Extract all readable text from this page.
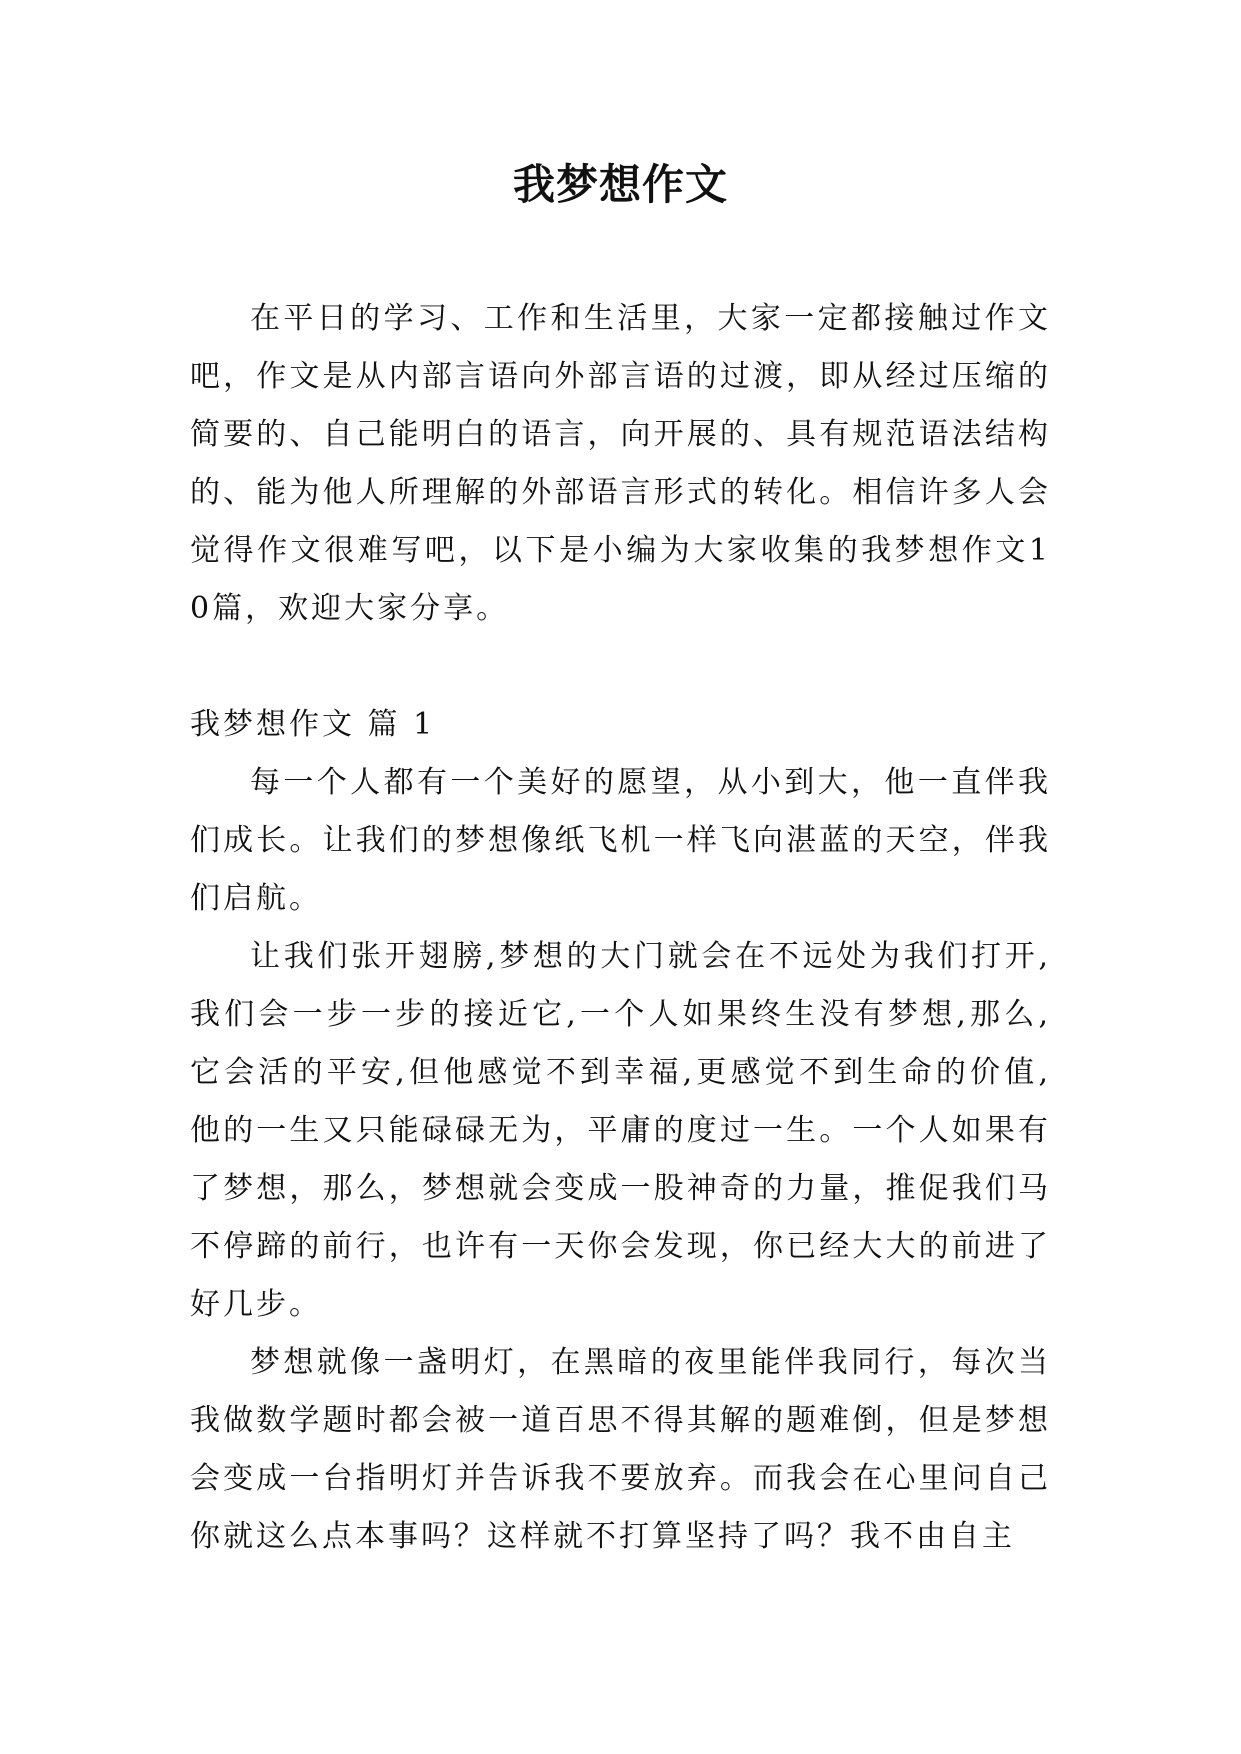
我梦想作文

在平日的学习、工作和生活里，大家一定都接触过作文吧，作文是从内部言语向外部言语的过渡，即从经过压缩的简要的、自己能明白的语言，向开展的、具有规范语法结构的、能为他人所理解的外部语言形式的转化。相信许多人会觉得作文很难写吧，以下是小编为大家收集的我梦想作文10篇，欢迎大家分享。

我梦想作文 篇 1

每一个人都有一个美好的愿望，从小到大，他一直伴我们成长。让我们的梦想像纸飞机一样飞向湛蓝的天空，伴我们启航。

让我们张开翅膀,梦想的大门就会在不远处为我们打开,我们会一步一步的接近它,一个人如果终生没有梦想,那么,它会活的平安,但他感觉不到幸福,更感觉不到生命的价值,他的一生又只能碌碌无为，平庸的度过一生。一个人如果有了梦想，那么，梦想就会变成一股神奇的力量，推促我们马不停蹄的前行，也许有一天你会发现，你已经大大的前进了好几步。

梦想就像一盏明灯，在黑暗的夜里能伴我同行，每次当我做数学题时都会被一道百思不得其解的题难倒，但是梦想会变成一台指明灯并告诉我不要放弃。而我会在心里问自己你就这么点本事吗？这样就不打算坚持了吗？我不由自主
